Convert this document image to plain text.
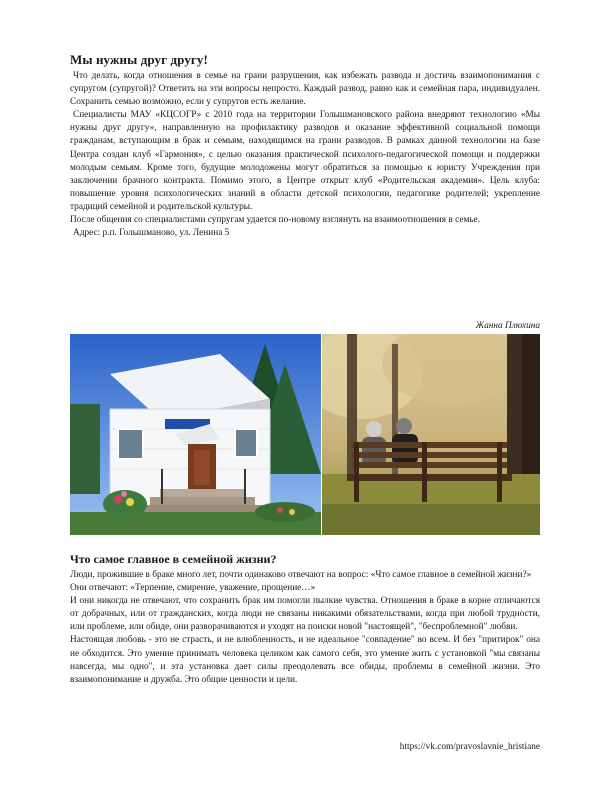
Мы нужны друг другу!

Что делать, когда отношения в семье на грани разрушения, как избежать развода и достичь взаимопонимания с супругом (супругой)? Ответить на эти вопросы непросто. Каждый развод, равно как и семейная пара, индивидуален. Сохранить семью возможно, если у супругов есть желание.

Специалисты МАУ «КЦСОГР» с 2010 года на территории Голышмановского района внедряют технологию «Мы нужны друг другу», направленную на профилактику разводов и оказание эффективной социальной помощи гражданам, вступающим в брак и семьям, находящимся на грани разводов. В рамках данной технологии на базе Центра создан клуб «Гармония», с целью оказания практической психолого-педагогической помощи и поддержки молодым семьям. Кроме того, будущие молодожены могут обратиться за помощью к юристу Учреждения при заключении брачного контракта. Помимо этого, в Центре открыт клуб «Родительская академия». Цель клуба: повышение уровня психологических знаний в области детской психологии, педагогике родителей; укрепление традиций семейной и родительской культуры.

После общения со специалистами супругам удается по-новому взглянуть на взаимоотношения в семье.

Адрес: р.п. Голышманово, ул. Ленина 5

Жанна Плюхина
Что самое главное в семейной жизни?

Люди, прожившие в браке много лет, почти одинаково отвечают на вопрос: «Что самое главное в семейной жизни?»

Они отвечают: «Терпение, смирение, уважение, прощение…»

И они никогда не отвечают, что сохранить брак им помогли пылкие чувства. Отношения в браке в корне отличаются от добрачных, или от гражданских, когда люди не связаны никакими обязательствами, когда при любой трудности, или проблеме, или обиде, они разворачиваются и уходят на поиски новой "настоящей", "беспроблемной" любви.

Настоящая любовь - это не страсть, и не влюбленность, и не идеальное "совпадение" во всем. И без "притирок" она не обходится. Это умение принимать человека целиком как самого себя, это умение жить с установкой "мы связаны навсегда, мы одно", и эта установка дает силы преодолевать все обиды, проблемы в семейной жизни. Это взаимопонимание и дружба. Это общие ценности и цели.

https://vk.com/pravoslavnie_hristiane
